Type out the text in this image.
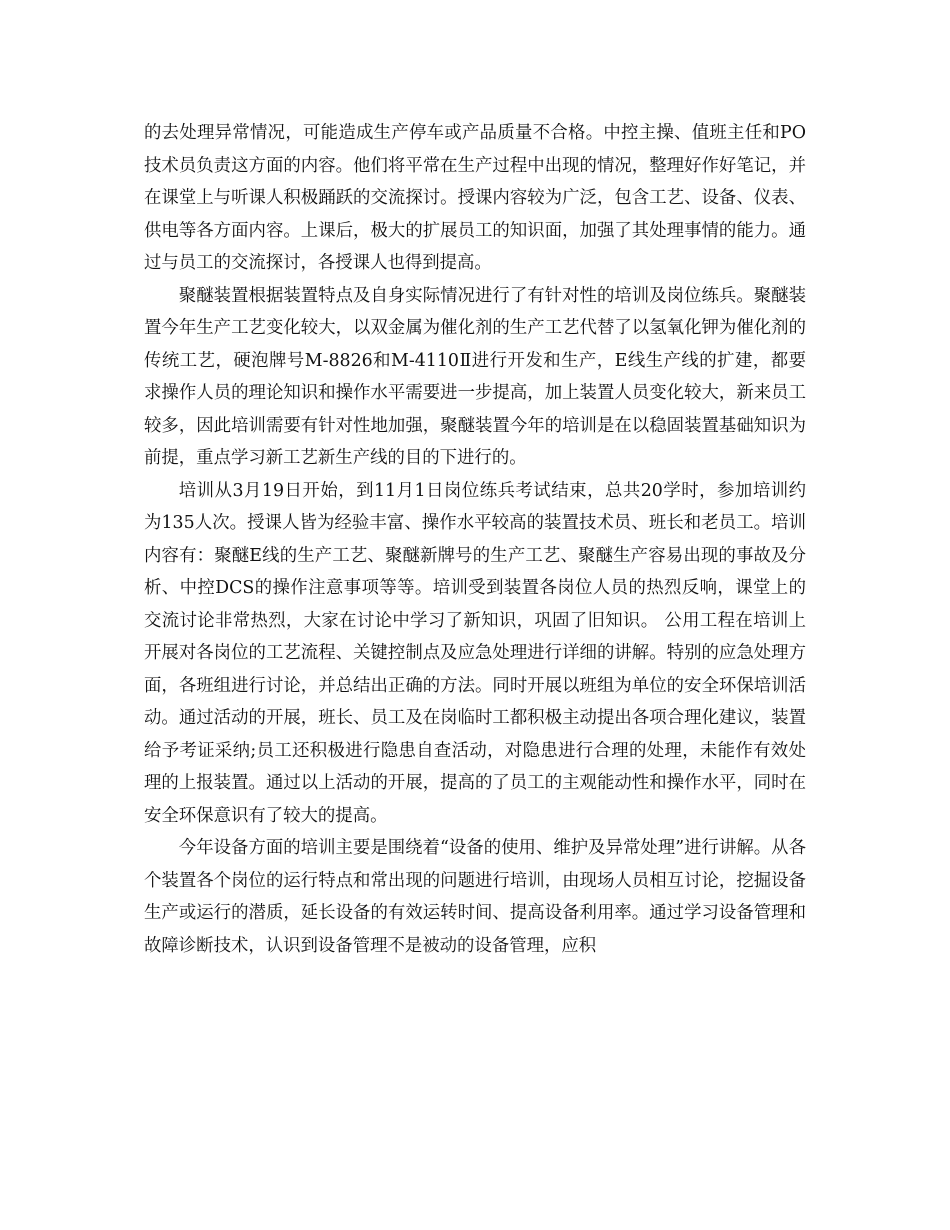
的去处理异常情况，可能造成生产停车或产品质量不合格。中控主操、值班主任和PO技术员负责这方面的内容。他们将平常在生产过程中出现的情况，整理好作好笔记，并在课堂上与听课人积极踊跃的交流探讨。授课内容较为广泛，包含工艺、设备、仪表、供电等各方面内容。上课后，极大的扩展员工的知识面，加强了其处理事情的能力。通过与员工的交流探讨，各授课人也得到提高。

聚醚装置根据装置特点及自身实际情况进行了有针对性的培训及岗位练兵。聚醚装置今年生产工艺变化较大，以双金属为催化剂的生产工艺代替了以氢氧化钾为催化剂的传统工艺，硬泡牌号M-8826和M-4110Ⅱ进行开发和生产，E线生产线的扩建，都要求操作人员的理论知识和操作水平需要进一步提高，加上装置人员变化较大，新来员工较多，因此培训需要有针对性地加强，聚醚装置今年的培训是在以稳固装置基础知识为前提，重点学习新工艺新生产线的目的下进行的。

培训从3月19日开始，到11月1日岗位练兵考试结束，总共20学时，参加培训约为135人次。授课人皆为经验丰富、操作水平较高的装置技术员、班长和老员工。培训内容有：聚醚E线的生产工艺、聚醚新牌号的生产工艺、聚醚生产容易出现的事故及分析、中控DCS的操作注意事项等等。培训受到装置各岗位人员的热烈反响，课堂上的交流讨论非常热烈，大家在讨论中学习了新知识，巩固了旧知识。 公用工程在培训上开展对各岗位的工艺流程、关键控制点及应急处理进行详细的讲解。特别的应急处理方面，各班组进行讨论，并总结出正确的方法。同时开展以班组为单位的安全环保培训活动。通过活动的开展，班长、员工及在岗临时工都积极主动提出各项合理化建议，装置给予考证采纳;员工还积极进行隐患自查活动，对隐患进行合理的处理，未能作有效处理的上报装置。通过以上活动的开展，提高的了员工的主观能动性和操作水平，同时在安全环保意识有了较大的提高。

今年设备方面的培训主要是围绕着“设备的使用、维护及异常处理”进行讲解。从各个装置各个岗位的运行特点和常出现的问题进行培训，由现场人员相互讨论，挖掘设备生产或运行的潜质，延长设备的有效运转时间、提高设备利用率。通过学习设备管理和故障诊断技术，认识到设备管理不是被动的设备管理，应积
